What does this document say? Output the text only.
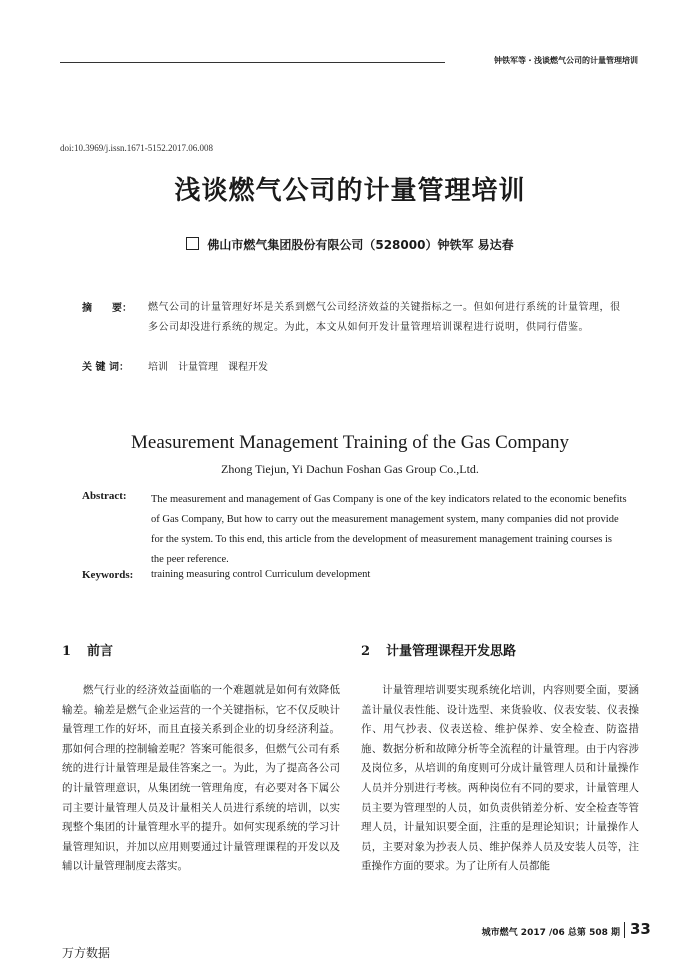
钟铁军等・浅谈燃气公司的计量管理培训
doi:10.3969/j.issn.1671-5152.2017.06.008
浅谈燃气公司的计量管理培训
佛山市燃气集团股份有限公司（528000）钟铁军 易达春
摘　　要：	燃气公司的计量管理好坏是关系到燃气公司经济效益的关键指标之一。但如何进行系统的计量管理，很多公司却没进行系统的规定。为此，本文从如何开发计量管理培训课程进行说明，供同行借鉴。
关 键 词： 培训　计量管理　课程开发
Measurement Management Training of the Gas Company
Zhong Tiejun, Yi Dachun Foshan Gas Group Co.,Ltd.
Abstract: The measurement and management of Gas Company is one of the key indicators related to the economic benefits of Gas Company, But how to carry out the measurement management system, many companies did not provide for the system. To this end, this article from the development of measurement management training courses is the peer reference.
Keywords: training measuring control Curriculum development
1 前言	2 计量管理课程开发思路
燃气行业的经济效益面临的一个难题就是如何有效降低输差。输差是燃气企业运营的一个关键指标，它不仅反映计量管理工作的好坏，而且直接关系到企业的切身经济利益。那如何合理的控制输差呢？答案可能很多，但燃气公司有系统的进行计量管理是最佳答案之一。为此，为了提高各公司的计量管理意识，从集团统一管理角度，有必要对各下属公司主要计量管理人员及计量相关人员进行系统的培训，以实现整个集团的计量管理水平的提升。如何实现系统的学习计量管理知识，并加以应用则要通过计量管理课程的开发以及辅以计量管理制度去落实。
计量管理培训要实现系统化培训，内容则要全面，要涵盖计量仪表性能、设计选型、来货验收、仪表安装、仪表操作、用气抄表、仪表送检、维护保养、安全检查、防盗措施、数据分析和故障分析等全流程的计量管理。由于内容涉及岗位多，从培训的角度则可分成计量管理人员和计量操作人员并分别进行考核。两种岗位有不同的要求，计量管理人员主要为管理型的人员，如负责供销差分析、安全检查等管理人员，计量知识要全面，注重的是理论知识；计量操作人员，主要对象为抄表人员、维护保养人员及安装人员等，注重操作方面的要求。为了让所有人员都能
城市燃气 2017 /06 总第 508 期 33
万方数据
